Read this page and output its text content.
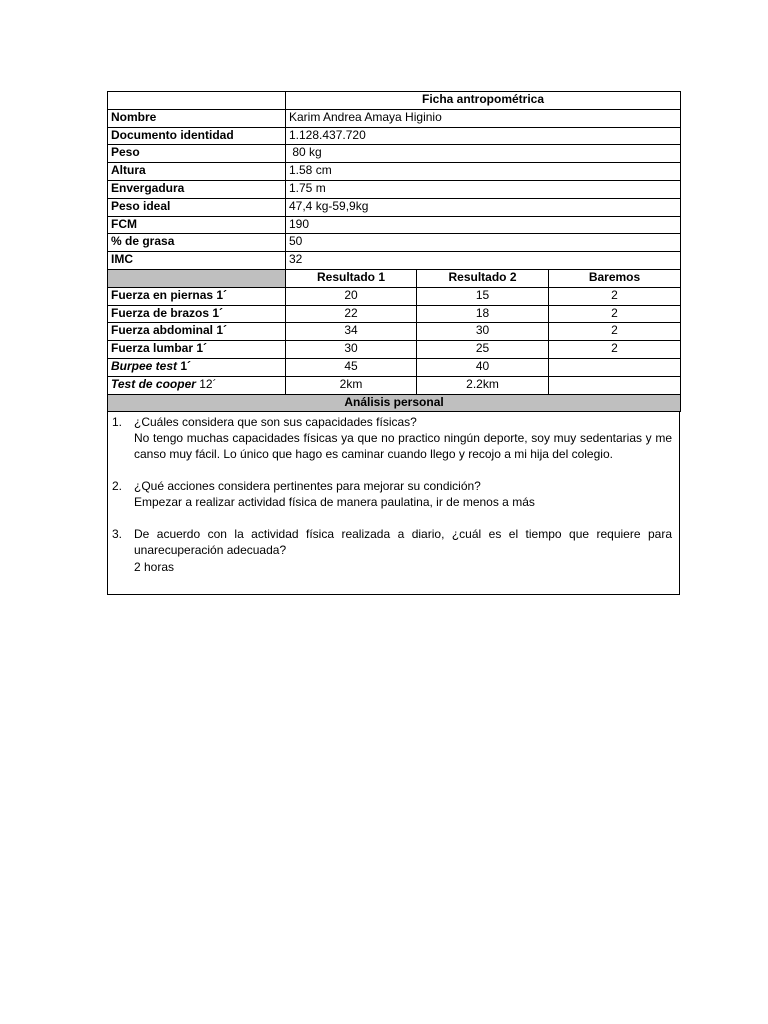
	Ficha antropométrica		
Nombre	Karim Andrea Amaya Higinio		
Documento identidad	1.128.437.720		
Peso	80 kg		
Altura	1.58 cm		
Envergadura	1.75 m		
Peso ideal	47,4 kg-59,9kg		
FCM	190		
% de grasa	50		
IMC	32		
	Resultado 1	Resultado 2	Baremos
Fuerza en piernas 1´	20	15	2
Fuerza de brazos 1´	22	18	2
Fuerza abdominal 1´	34	30	2
Fuerza lumbar 1´	30	25	2
Burpee test 1´	45	40	
Test de cooper 12´	2km	2.2km	
Análisis personal			
1. ¿Cuáles considera que son sus capacidades físicas?
No tengo muchas capacidades físicas ya que no practico ningún deporte, soy muy sedentarias y me canso muy fácil. Lo único que hago es caminar cuando llego y recojo a mi hija del colegio.
2. ¿Qué acciones considera pertinentes para mejorar su condición?
Empezar a realizar actividad física de manera paulatina, ir de menos a más
3. De acuerdo con la actividad física realizada a diario, ¿cuál es el tiempo que requiere para unarecuperación adecuada?
2 horas
